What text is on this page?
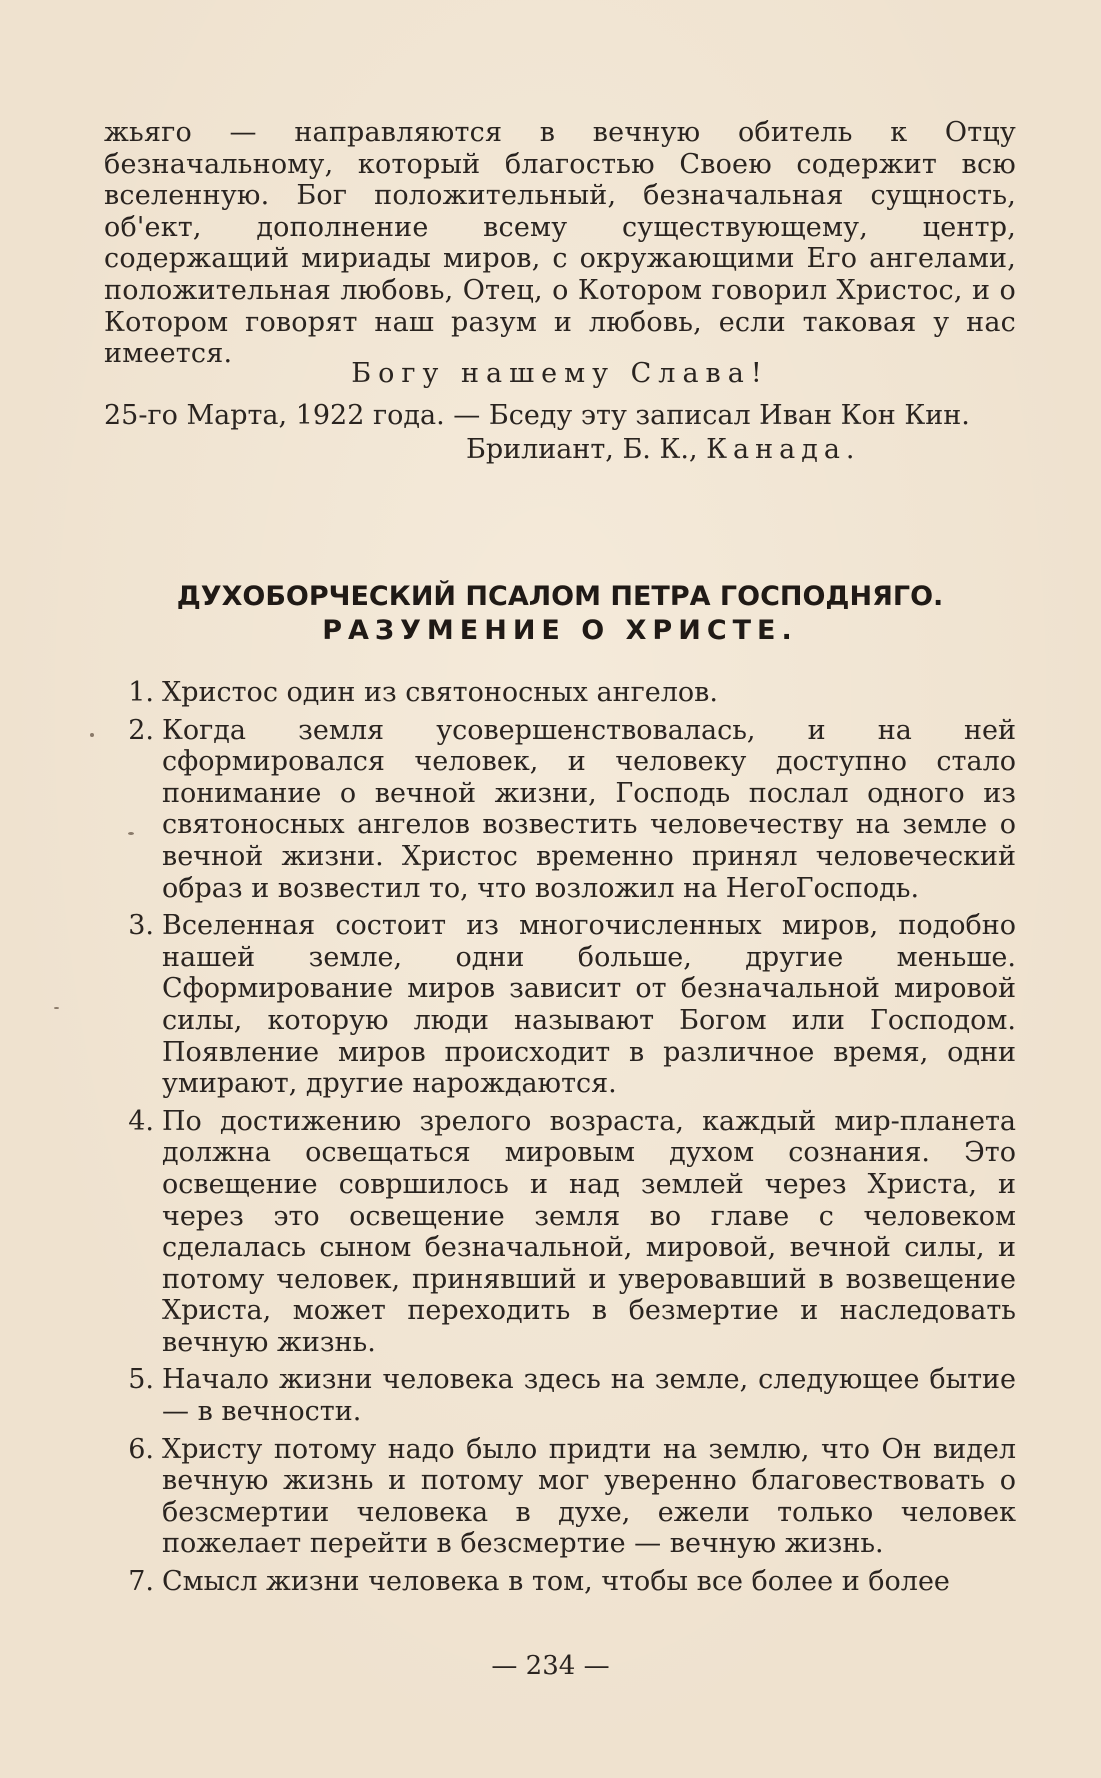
жьяго — направляются в вечную обитель к Отцу безначальному, который благостью Своею содержит всю вселенную. Бог положительный, безначальная сущность, об'ект, дополнение всему существующему, центр, содержащий мириады миров, с окружающими Его ангелами, положительная любовь, Отец, о Котором говорил Христос, и о Котором говорят наш разум и любовь, если таковая у нас имеется.
Богу нашему Слава!
25-го Марта, 1922 года. — Бседу эту записал Иван Кон Кин.
Брилиант, Б. К., Канада.
ДУХОБОРЧЕСКИЙ ПСАЛОМ ПЕТРА ГОСПОДНЯГО.
РАЗУМЕНИЕ О ХРИСТЕ.
1. Христос один из святоносных ангелов.
2. Когда земля усовершенствовалась, и на ней сформировался человек, и человеку доступно стало понимание о вечной жизни, Господь послал одного из святоносных ангелов возвестить человечеству на земле о вечной жизни. Христос временно принял человеческий образ и возвестил то, что возложил на НегоГосподь.
3. Вселенная состоит из многочисленных миров, подобно нашей земле, одни больше, другие меньше. Сформирование миров зависит от безначальной мировой силы, которую люди называют Богом или Господом. Появление миров происходит в различное время, одни умирают, другие нарождаются.
4. По достижению зрелого возраста, каждый мир-планета должна освещаться мировым духом сознания. Это освещение совршилось и над землей через Христа, и через это освещение земля во главе с человеком сделалась сыном безначальной, мировой, вечной силы, и потому человек, принявший и уверовавший в возвещение Христа, может переходить в безмертие и наследовать вечную жизнь.
5. Начало жизни человека здесь на земле, следующее бытие — в вечности.
6. Христу потому надо было придти на землю, что Он видел вечную жизнь и потому мог уверенно благовествовать о безсмертии человека в духе, ежели только человек пожелает перейти в безсмертие — вечную жизнь.
7. Смысл жизни человека в том, чтобы все более и более
— 234 —
